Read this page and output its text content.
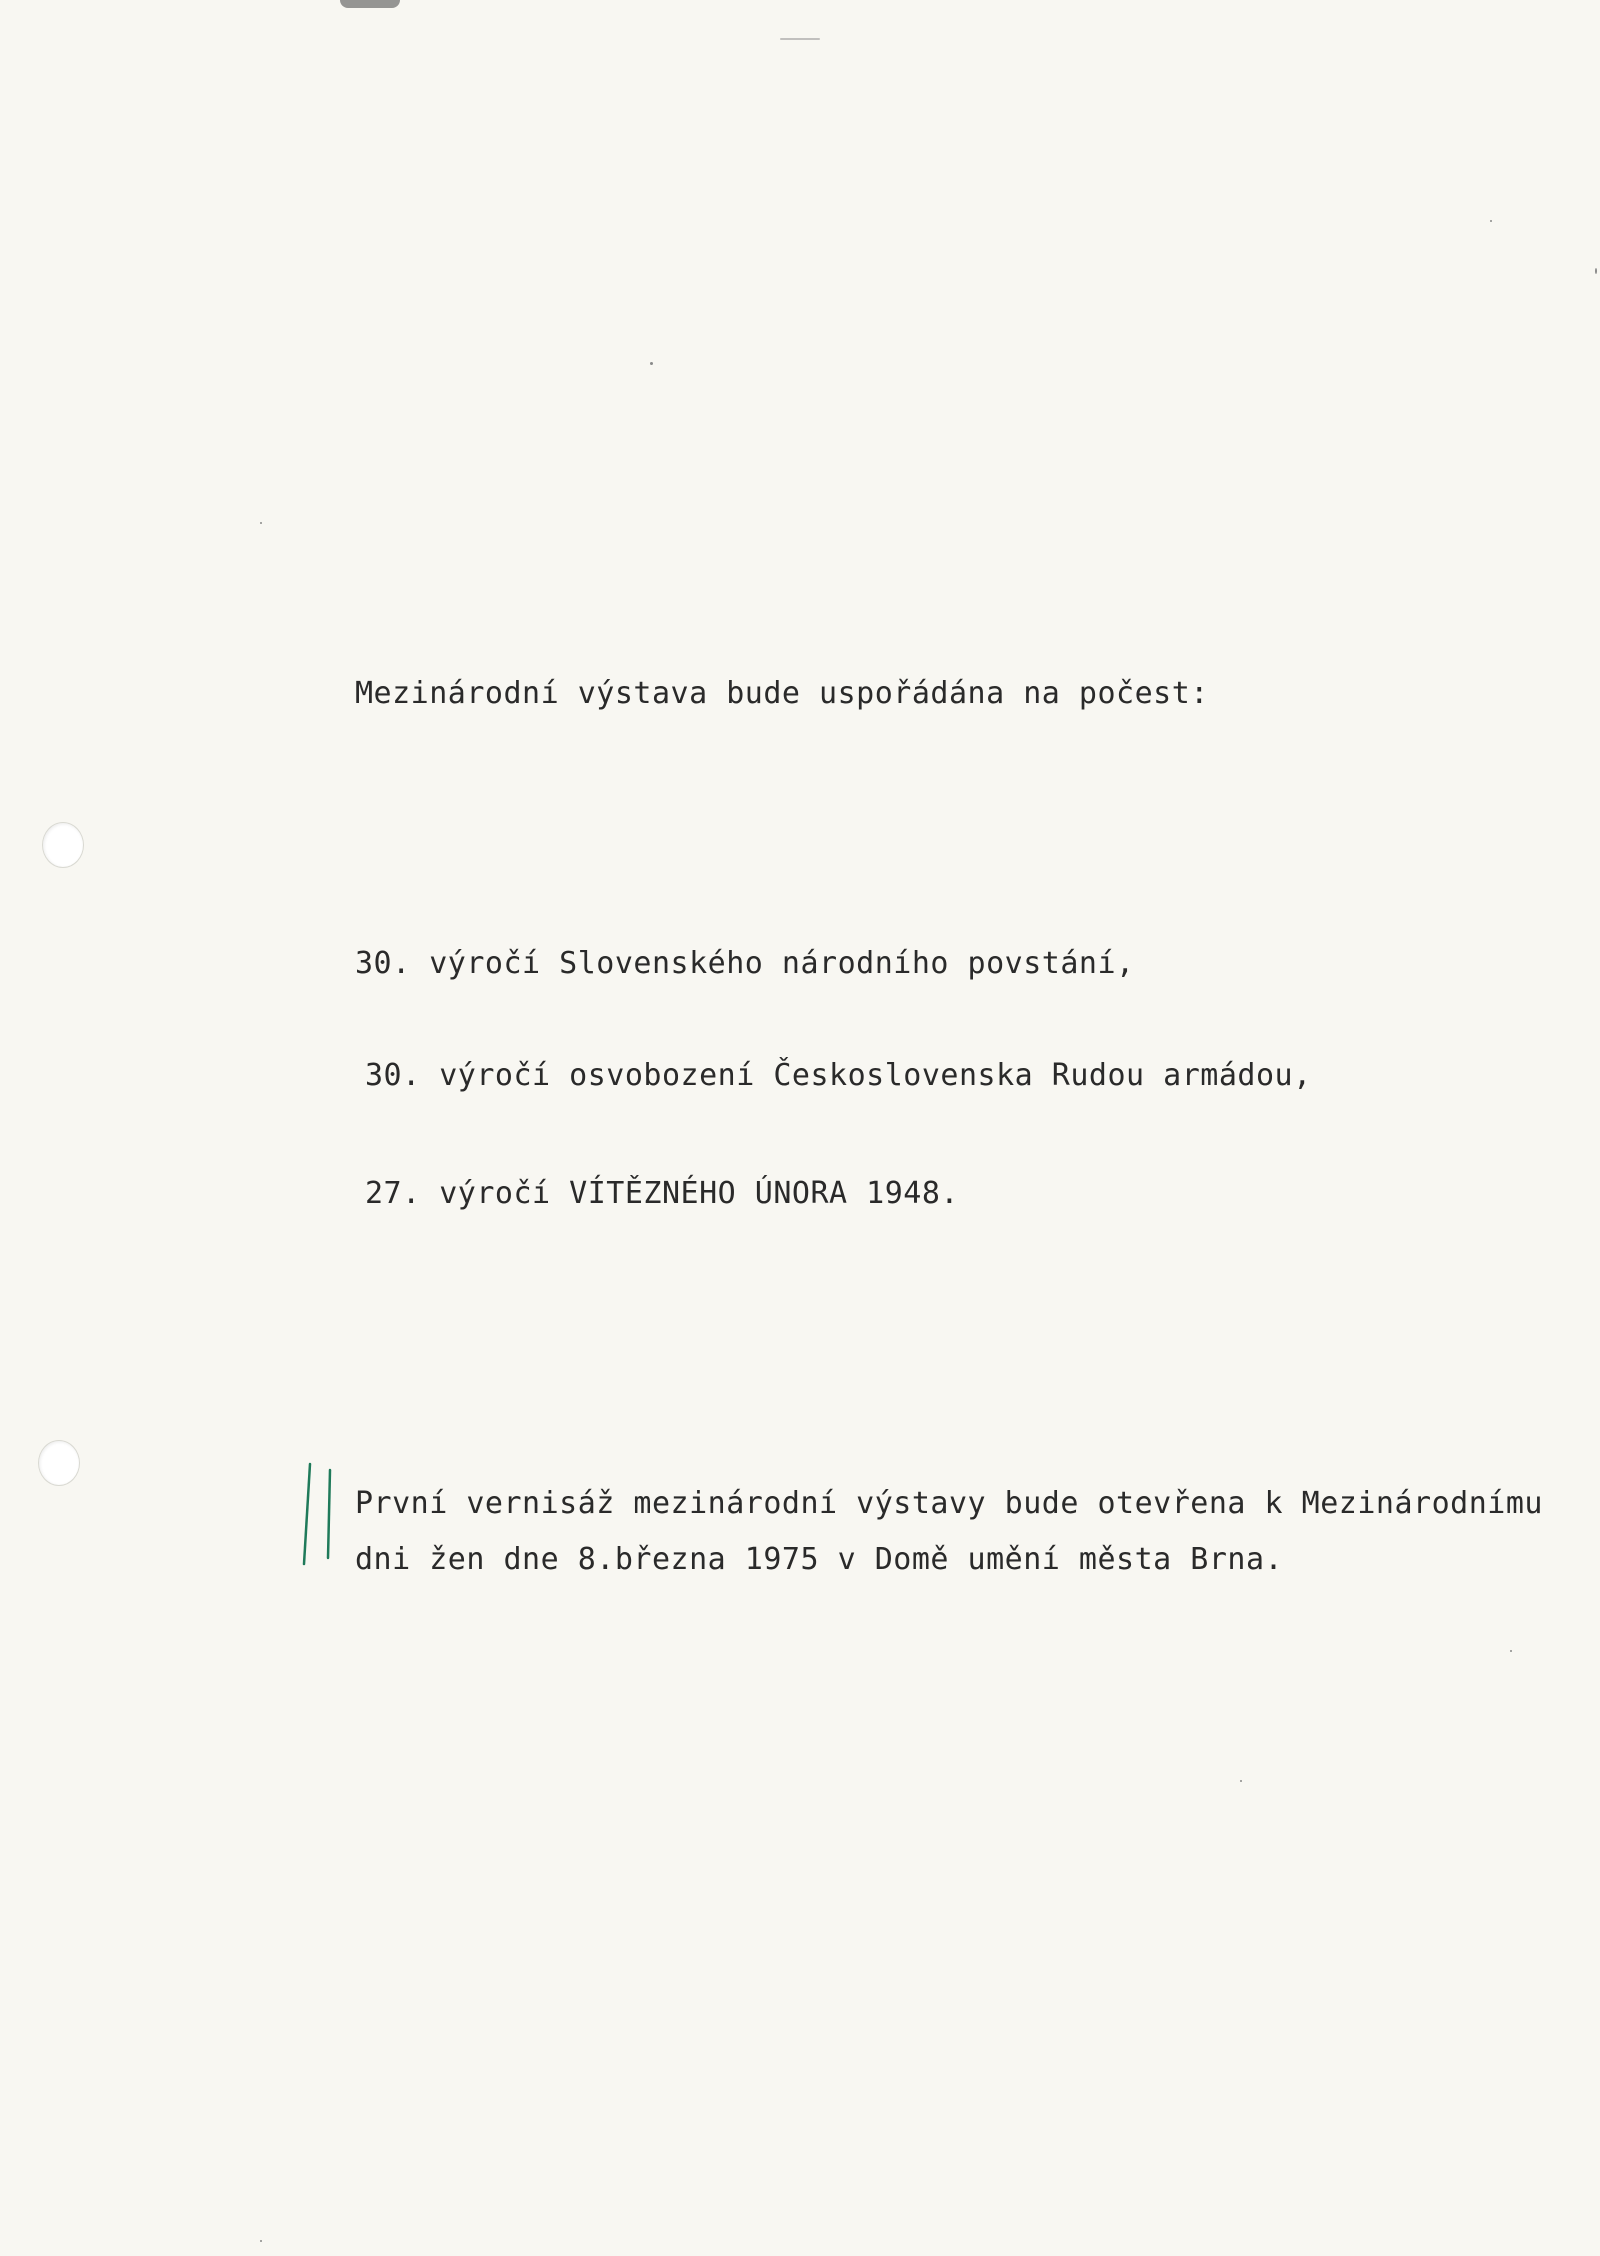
Mezinárodní výstava bude uspořádána na počest:
30. výročí Slovenského národního povstání,
30. výročí osvobození Československa Rudou armádou,
27. výročí VÍTĚZNÉHO ÚNORA 1948.
První vernisáž mezinárodní výstavy bude otevřena k Mezinárodnímu
dni žen dne 8.března 1975 v Domě umění města Brna.
